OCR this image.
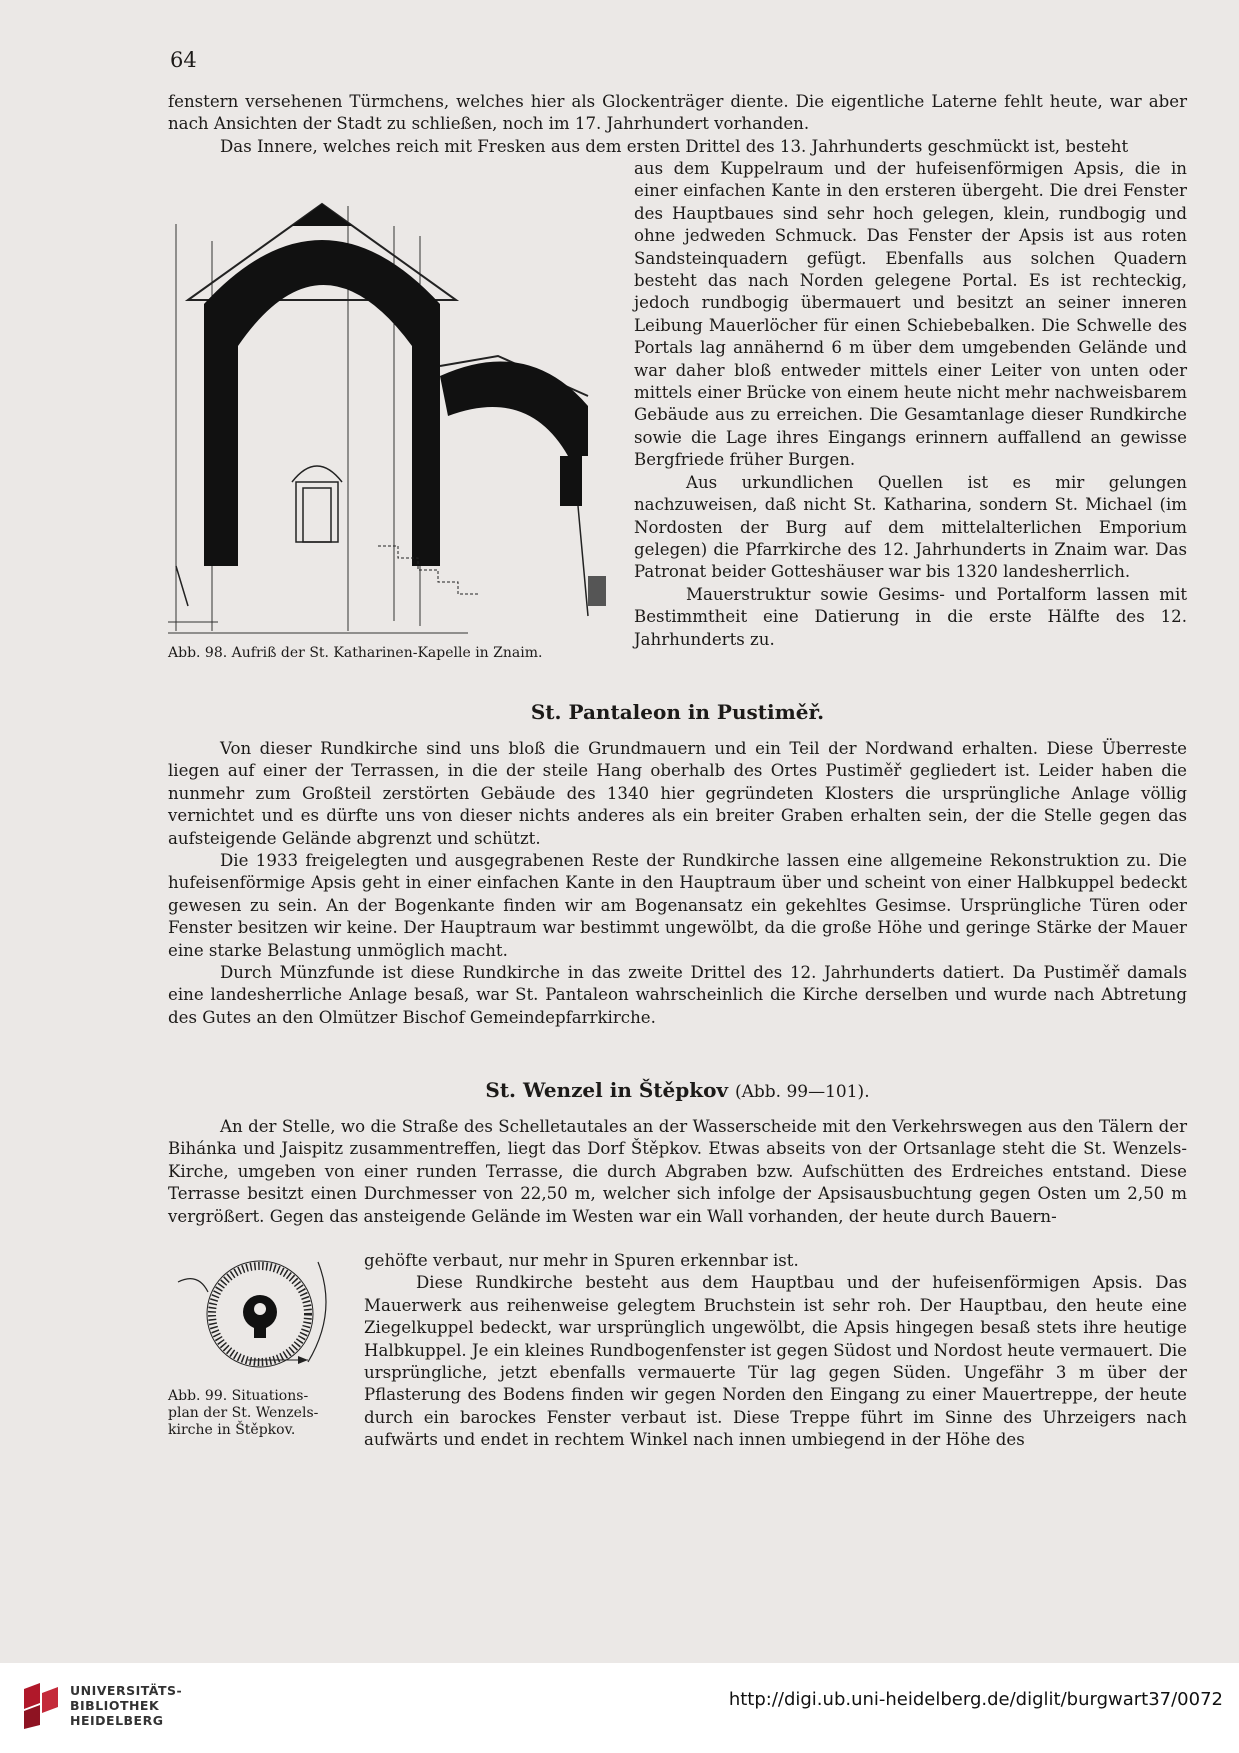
64

fenstern versehenen Türmchens, welches hier als Glockenträger diente. Die eigentliche Laterne fehlt heute, war aber nach Ansichten der Stadt zu schließen, noch im 17. Jahrhundert vorhanden.

Das Innere, welches reich mit Fresken aus dem ersten Drittel des 13. Jahrhunderts geschmückt ist, besteht

aus dem Kuppelraum und der hufeisenförmigen Apsis, die in einer einfachen Kante in den ersteren übergeht. Die drei Fenster des Hauptbaues sind sehr hoch gelegen, klein, rundbogig und ohne jedweden Schmuck. Das Fenster der Apsis ist aus roten Sandsteinquadern gefügt. Ebenfalls aus solchen Quadern besteht das nach Norden gelegene Portal. Es ist rechteckig, jedoch rundbogig übermauert und besitzt an seiner inneren Leibung Mauerlöcher für einen Schiebebalken. Die Schwelle des Portals lag annähernd 6 m über dem umgebenden Gelände und war daher bloß entweder mittels einer Leiter von unten oder mittels einer Brücke von einem heute nicht mehr nachweisbarem Gebäude aus zu erreichen. Die Gesamtanlage dieser Rundkirche sowie die Lage ihres Eingangs erinnern auffallend an gewisse Bergfriede früher Burgen.

Aus urkundlichen Quellen ist es mir gelungen nachzuweisen, daß nicht St. Katharina, sondern St. Michael (im Nordosten der Burg auf dem mittelalterlichen Emporium gelegen) die Pfarrkirche des 12. Jahrhunderts in Znaim war. Das Patronat beider Gotteshäuser war bis 1320 landesherrlich.

Mauerstruktur sowie Gesims- und Portalform lassen mit Bestimmtheit eine Datierung in die erste Hälfte des 12. Jahrhunderts zu.

Abb. 98. Aufriß der St. Katharinen-Kapelle in Znaim.

St. Pantaleon in Pustiměř.

Von dieser Rundkirche sind uns bloß die Grundmauern und ein Teil der Nordwand erhalten. Diese Überreste liegen auf einer der Terrassen, in die der steile Hang oberhalb des Ortes Pustiměř gegliedert ist. Leider haben die nunmehr zum Großteil zerstörten Gebäude des 1340 hier gegründeten Klosters die ursprüngliche Anlage völlig vernichtet und es dürfte uns von dieser nichts anderes als ein breiter Graben erhalten sein, der die Stelle gegen das aufsteigende Gelände abgrenzt und schützt.

Die 1933 freigelegten und ausgegrabenen Reste der Rundkirche lassen eine allgemeine Rekonstruktion zu. Die hufeisenförmige Apsis geht in einer einfachen Kante in den Hauptraum über und scheint von einer Halbkuppel bedeckt gewesen zu sein. An der Bogenkante finden wir am Bogenansatz ein gekehltes Gesimse. Ursprüngliche Türen oder Fenster besitzen wir keine. Der Hauptraum war bestimmt ungewölbt, da die große Höhe und geringe Stärke der Mauer eine starke Belastung unmöglich macht.

Durch Münzfunde ist diese Rundkirche in das zweite Drittel des 12. Jahrhunderts datiert. Da Pustiměř damals eine landesherrliche Anlage besaß, war St. Pantaleon wahrscheinlich die Kirche derselben und wurde nach Abtretung des Gutes an den Olmützer Bischof Gemeindepfarrkirche.

St. Wenzel in Štěpkov (Abb. 99—101).

An der Stelle, wo die Straße des Schelletautales an der Wasserscheide mit den Verkehrswegen aus den Tälern der Bihánka und Jaispitz zusammentreffen, liegt das Dorf Štěpkov. Etwas abseits von der Ortsanlage steht die St. Wenzels-Kirche, umgeben von einer runden Terrasse, die durch Abgraben bzw. Aufschütten des Erdreiches entstand. Diese Terrasse besitzt einen Durchmesser von 22,50 m, welcher sich infolge der Apsisausbuchtung gegen Osten um 2,50 m vergrößert. Gegen das ansteigende Gelände im Westen war ein Wall vorhanden, der heute durch Bauern-

gehöfte verbaut, nur mehr in Spuren erkennbar ist.

Diese Rundkirche besteht aus dem Hauptbau und der hufeisenförmigen Apsis. Das Mauerwerk aus reihenweise gelegtem Bruchstein ist sehr roh. Der Hauptbau, den heute eine Ziegelkuppel bedeckt, war ursprünglich ungewölbt, die Apsis hingegen besaß stets ihre heutige Halbkuppel. Je ein kleines Rundbogenfenster ist gegen Südost und Nordost heute vermauert. Die ursprüngliche, jetzt ebenfalls vermauerte Tür lag gegen Süden. Ungefähr 3 m über der Pflasterung des Bodens finden wir gegen Norden den Eingang zu einer Mauertreppe, der heute durch ein barockes Fenster verbaut ist. Diese Treppe führt im Sinne des Uhrzeigers nach aufwärts und endet in rechtem Winkel nach innen umbiegend in der Höhe des

Abb. 99. Situations-
plan der St. Wenzels-
kirche in Štěpkov.
UNIVERSITÄTS-
BIBLIOTHEK
HEIDELBERG
http://digi.ub.uni-heidelberg.de/diglit/burgwart37/0072
